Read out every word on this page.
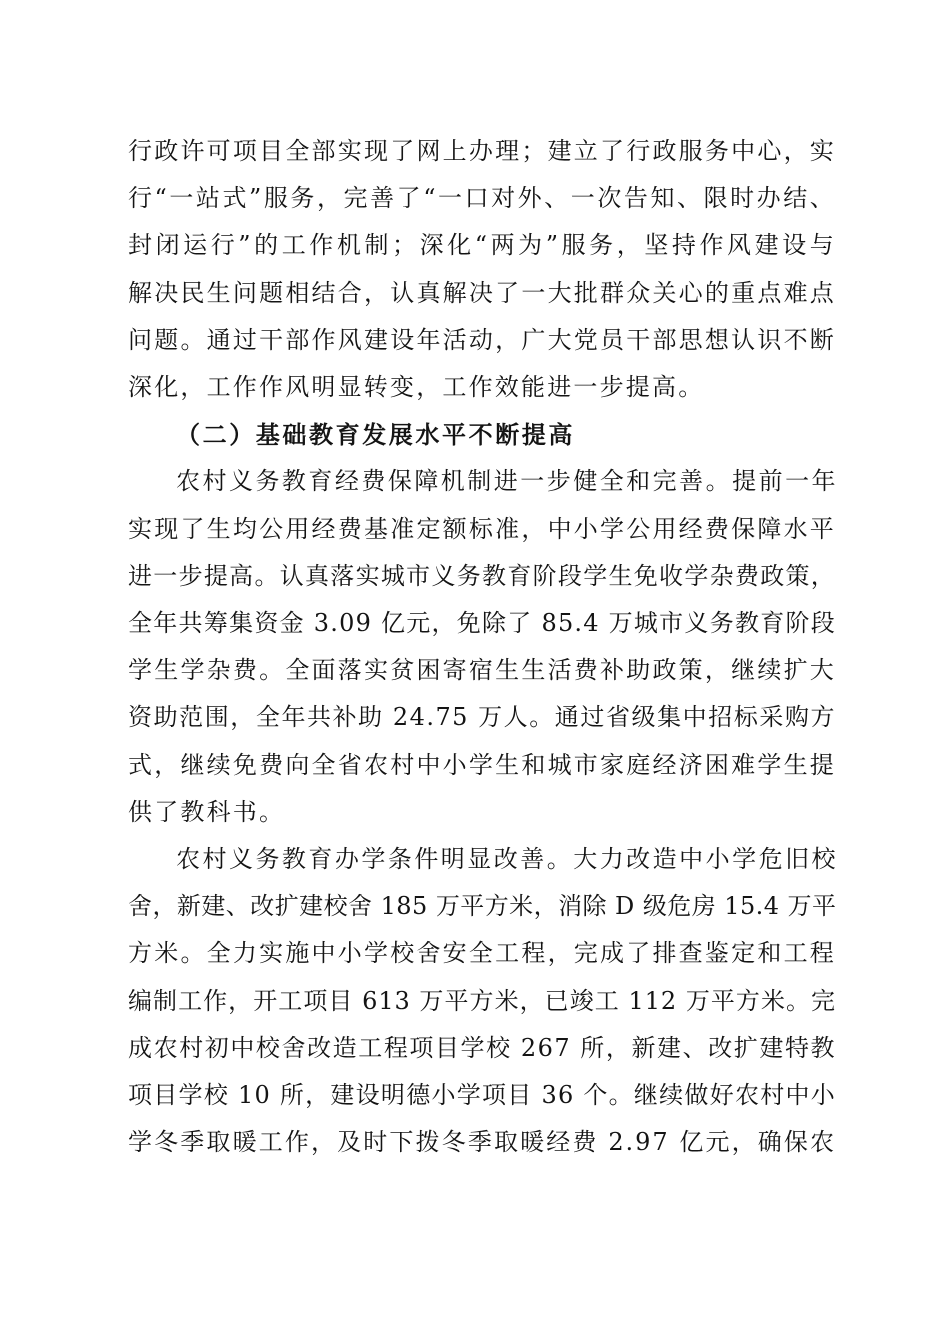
行政许可项目全部实现了网上办理；建立了行政服务中心，实
行“一站式”服务，完善了“一口对外、一次告知、限时办结、
封闭运行”的工作机制；深化“两为”服务，坚持作风建设与
解决民生问题相结合，认真解决了一大批群众关心的重点难点
问题。通过干部作风建设年活动，广大党员干部思想认识不断
深化，工作作风明显转变，工作效能进一步提高。
（二）基础教育发展水平不断提高
农村义务教育经费保障机制进一步健全和完善。提前一年
实现了生均公用经费基准定额标准，中小学公用经费保障水平
进一步提高。认真落实城市义务教育阶段学生免收学杂费政策，
全年共筹集资金 3.09 亿元，免除了 85.4 万城市义务教育阶段
学生学杂费。全面落实贫困寄宿生生活费补助政策，继续扩大
资助范围，全年共补助 24.75 万人。通过省级集中招标采购方
式，继续免费向全省农村中小学生和城市家庭经济困难学生提
供了教科书。
农村义务教育办学条件明显改善。大力改造中小学危旧校
舍，新建、改扩建校舍 185 万平方米，消除 D 级危房 15.4 万平
方米。全力实施中小学校舍安全工程，完成了排查鉴定和工程
编制工作，开工项目 613 万平方米，已竣工 112 万平方米。完
成农村初中校舍改造工程项目学校 267 所，新建、改扩建特教
项目学校 10 所，建设明德小学项目 36 个。继续做好农村中小
学冬季取暖工作，及时下拨冬季取暖经费 2.97 亿元，确保农
